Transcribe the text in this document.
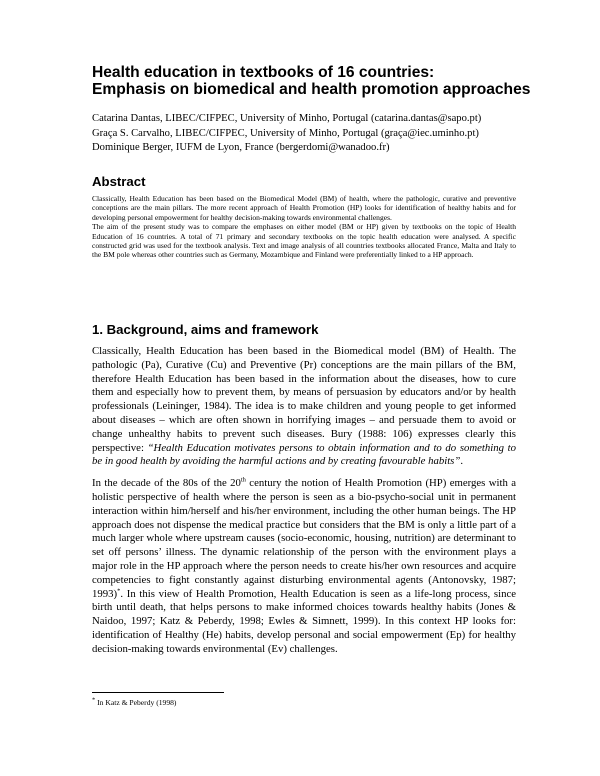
Health education in textbooks of 16 countries:
Emphasis on biomedical and health promotion approaches
Catarina Dantas, LIBEC/CIFPEC, University of Minho, Portugal (catarina.dantas@sapo.pt)
Graça S. Carvalho, LIBEC/CIFPEC, University of Minho, Portugal (graça@iec.uminho.pt)
Dominique Berger, IUFM de Lyon, France (bergerdomi@wanadoo.fr)
Abstract

Classically, Health Education has been based on the Biomedical Model (BM) of health, where the pathologic, curative and preventive conceptions are the main pillars. The more recent approach of Health Promotion (HP) looks for identification of healthy habits and for developing personal empowerment for healthy decision-making towards environmental challenges.

The aim of the present study was to compare the emphases on either model (BM or HP) given by textbooks on the topic of Health Education of 16 countries. A total of 71 primary and secondary textbooks on the topic health education were analysed. A specific constructed grid was used for the textbook analysis. Text and image analysis of all countries textbooks allocated France, Malta and Italy to the BM pole whereas other countries such as Germany, Mozambique and Finland were preferentially linked to a HP approach.

1. Background, aims and framework

Classically, Health Education has been based in the Biomedical model (BM) of Health. The pathologic (Pa), Curative (Cu) and Preventive (Pr) conceptions are the main pillars of the BM, therefore Health Education has been based in the information about the diseases, how to cure them and especially how to prevent them, by means of persuasion by educators and/or by health professionals (Leininger, 1984). The idea is to make children and young people to get informed about diseases – which are often shown in horrifying images – and persuade them to avoid or change unhealthy habits to prevent such diseases. Bury (1988: 106) expresses clearly this perspective: “Health Education motivates persons to obtain information and to do something to be in good health by avoiding the harmful actions and by creating favourable habits”.

In the decade of the 80s of the 20th century the notion of Health Promotion (HP) emerges with a holistic perspective of health where the person is seen as a bio-psycho-social unit in permanent interaction within him/herself and his/her environment, including the other human beings. The HP approach does not dispense the medical practice but considers that the BM is only a little part of a much larger whole where upstream causes (socio-economic, housing, nutrition) are determinant to set off persons’ illness. The dynamic relationship of the person with the environment plays a major role in the HP approach where the person needs to create his/her own resources and acquire competencies to fight constantly against disturbing environmental agents (Antonovsky, 1987; 1993)*. In this view of Health Promotion, Health Education is seen as a life-long process, since birth until death, that helps persons to make informed choices towards healthy habits (Jones & Naidoo, 1997; Katz & Peberdy, 1998; Ewles & Simnett, 1999). In this context HP looks for: identification of Healthy (He) habits, develop personal and social empowerment (Ep) for healthy decision-making towards environmental (Ev) challenges.

* In Katz & Peberdy (1998)
